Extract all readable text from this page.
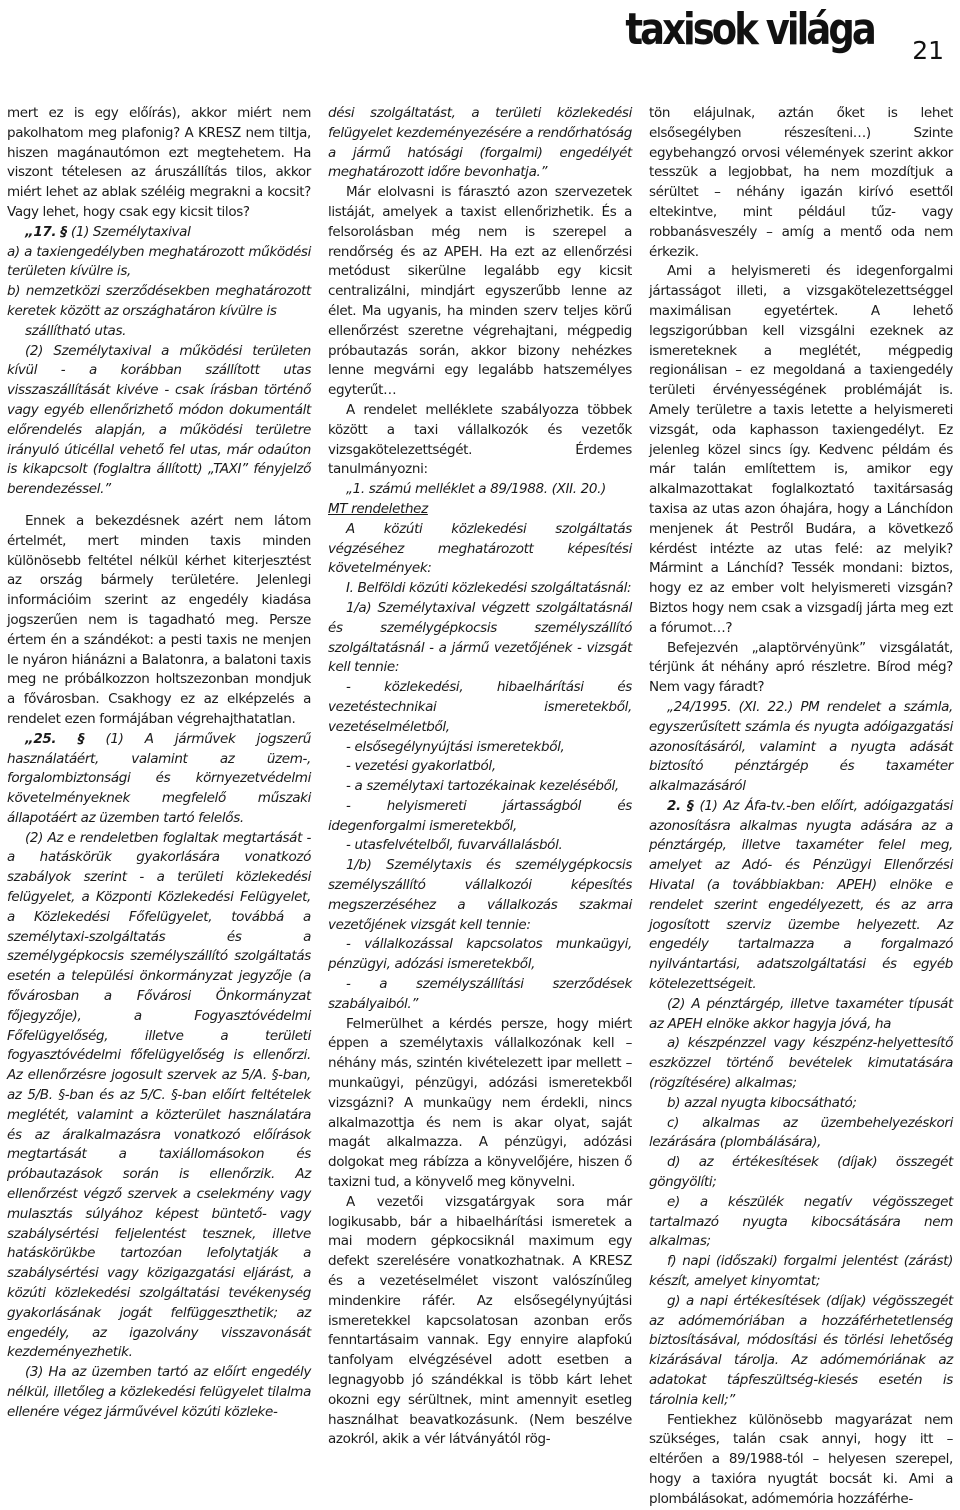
taxisok világa 21

mert ez is egy előírás), akkor miért nem pakolhatom meg plafonig? A KRESZ nem tiltja, hiszen magánautómon ezt megtehetem. Ha viszont tételesen az áruszállítás tilos, akkor miért lehet az ablak széléig megrakni a kocsit? Vagy lehet, hogy csak egy kicsit tilos?

„17. § (1) Személytaxival

a) a taxiengedélyben meghatározott működési területen kívülre is,

b) nemzetközi szerződésekben meghatározott keretek között az országhatáron kívülre is

szállítható utas.

(2) Személytaxival a működési területen kívül - a korábban szállított utas visszaszállítását kivéve - csak írásban történő vagy egyéb ellenőrizhető módon dokumentált előrendelés alapján, a működési területre irányuló úticéllal vehető fel utas, már odaúton is kikapcsolt (foglaltra állított) „TAXI” fényjelző berendezéssel.”

Ennek a bekezdésnek azért nem látom értelmét, mert minden taxis minden különösebb feltétel nélkül kérhet kiterjesztést az ország bármely területére. Jelenlegi információim szerint az engedély kiadása jogszerűen nem is tagadható meg. Persze értem én a szándékot: a pesti taxis ne menjen le nyáron hiánázni a Balatonra, a balatoni taxis meg ne próbálkozzon holtszezonban mondjuk a fővárosban. Csakhogy ez az elképzelés a rendelet ezen formájában végrehajthatatlan.

„25. § (1) A járművek jogszerű használatáért, valamint az üzem-, forgalombiztonsági és környezetvédelmi követelményeknek megfelelő műszaki állapotáért az üzemben tartó felelős.

(2) Az e rendeletben foglaltak megtartását - a hatáskörük gyakorlására vonatkozó szabályok szerint - a területi közlekedési felügyelet, a Központi Közlekedési Felügyelet, a Közlekedési Főfelügyelet, továbbá a személytaxi-szolgáltatás és a személygépkocsis személyszállító szolgáltatás esetén a települési önkormányzat jegyzője (a fővárosban a Fővárosi Önkormányzat főjegyzője), a Fogyasztóvédelmi Főfelügyelőség, illetve a területi fogyasztóvédelmi főfelügyelőség is ellenőrzi. Az ellenőrzésre jogosult szervek az 5/A. §-ban, az 5/B. §-ban és az 5/C. §-ban előírt feltételek meglétét, valamint a közterület használatára és az áralkalmazásra vonatkozó előírások megtartását a taxiállomásokon és próbautazások során is ellenőrzik. Az ellenőrzést végző szervek a cselekmény vagy mulasztás súlyához képest büntető- vagy szabálysértési feljelentést tesznek, illetve hatáskörükbe tartozóan lefolytatják a szabálysértési vagy közigazgatási eljárást, a közúti közlekedési szolgáltatási tevékenység gyakorlásának jogát felfüggeszthetik; az engedély, az igazolvány visszavonását kezdeményezhetik.

(3) Ha az üzemben tartó az előírt engedély nélkül, illetőleg a közlekedési felügyelet tilalma ellenére végez járművével közúti közleke-

dési szolgáltatást, a területi közlekedési felügyelet kezdeményezésére a rendőrhatóság a jármű hatósági (forgalmi) engedélyét meghatározott időre bevonhatja.”

Már elolvasni is fárasztó azon szervezetek listáját, amelyek a taxist ellenőrizhetik. És a felsorolásban még nem is szerepel a rendőrség és az APEH. Ha ezt az ellenőrzési metódust sikerülne legalább egy kicsit centralizálni, mindjárt egyszerűbb lenne az élet. Ma ugyanis, ha minden szerv teljes körű ellenőrzést szeretne végrehajtani, mégpedig próbautazás során, akkor bizony nehézkes lenne megvárni egy legalább hatszemélyes egyterűt…

A rendelet melléklete szabályozza többek között a taxi vállalkozók és vezetők vizsgakötelezettségét. Érdemes tanulmányozni:

„1. számú melléklet a 89/1988. (XII. 20.)

MT rendelethez

A közúti közlekedési szolgáltatás végzéséhez meghatározott képesítési követelmények:

I. Belföldi közúti közlekedési szolgáltatásnál:

1/a) Személytaxival végzett szolgáltatásnál és személygépkocsis személyszállító szolgáltatásnál - a jármű vezetőjének - vizsgát kell tennie:

- közlekedési, hibaelhárítási és vezetéstechnikai ismeretekből, vezetéselméletből,

- elsősegélynyújtási ismeretekből,

- vezetési gyakorlatból,

- a személytaxi tartozékainak kezeléséből,

- helyismereti jártasságból és idegenforgalmi ismeretekből,

- utasfelvételből, fuvarvállalásból.

1/b) Személytaxis és személygépkocsis személyszállító vállalkozói képesítés megszerzéséhez a vállalkozás szakmai vezetőjének vizsgát kell tennie:

- vállalkozással kapcsolatos munkaügyi, pénzügyi, adózási ismeretekből,

- a személyszállítási szerződések szabályaiból.”

Felmerülhet a kérdés persze, hogy miért éppen a személytaxis vállalkozónak kell – néhány más, szintén kivételezett ipar mellett – munkaügyi, pénzügyi, adózási ismeretekből vizsgázni? A munkaügy nem érdekli, nincs alkalmazottja és nem is akar olyat, saját magát alkalmazza. A pénzügyi, adózási dolgokat meg rábízza a könyvelőjére, hiszen ő taxizni tud, a könyvelő meg könyvelni.

A vezetői vizsgatárgyak sora már logikusabb, bár a hibaelhárítási ismeretek a mai modern gépkocsiknál maximum egy defekt szerelésére vonatkozhatnak. A KRESZ és a vezetéselmélet viszont valószínűleg mindenkire ráfér. Az elsősegélynyújtási ismeretekkel kapcsolatosan azonban erős fenntartásaim vannak. Egy ennyire alapfokú tanfolyam elvégzésével adott esetben a legnagyobb jó szándékkal is több kárt lehet okozni egy sérültnek, mint amennyit esetleg használhat beavatkozásunk. (Nem beszélve azokról, akik a vér látványától rög-

tön elájulnak, aztán őket is lehet elsősegélyben részesíteni…) Szinte egybehangzó orvosi vélemények szerint akkor tesszük a legjobbat, ha nem mozdítjuk a sérültet – néhány igazán kirívó esettől eltekintve, mint például tűz- vagy robbanásveszély – amíg a mentő oda nem érkezik.

Ami a helyismereti és idegenforgalmi jártasságot illeti, a vizsgakötelezettséggel maximálisan egyetértek. A lehető legszigorúbban kell vizsgálni ezeknek az ismereteknek a meglétét, mégpedig regionálisan – ez megoldaná a taxiengedély területi érvényességének problémáját is. Amely területre a taxis letette a helyismereti vizsgát, oda kaphasson taxiengedélyt. Ez jelenleg közel sincs így. Kedvenc példám és már talán említettem is, amikor egy alkalmazottakat foglalkoztató taxitársaság taxisa az utas azon óhajára, hogy a Lánchídon menjenek át Pestről Budára, a következő kérdést intézte az utas felé: az melyik? Mármint a Lánchíd? Tessék mondani: biztos, hogy ez az ember volt helyismereti vizsgán? Biztos hogy nem csak a vizsgadíj járta meg ezt a fórumot…?

Befejezvén „alaptörvényünk” vizsgálatát, térjünk át néhány apró részletre. Bírod még? Nem vagy fáradt?

„24/1995. (XI. 22.) PM rendelet a számla, egyszerűsített számla és nyugta adóigazgatási azonosításáról, valamint a nyugta adását biztosító pénztárgép és taxaméter alkalmazásáról

2. § (1) Az Áfa-tv.-ben előírt, adóigazgatási azonosításra alkalmas nyugta adására az a pénztárgép, illetve taxaméter felel meg, amelyet az Adó- és Pénzügyi Ellenőrzési Hivatal (a továbbiakban: APEH) elnöke e rendelet szerint engedélyezett, és az arra jogosított szerviz üzembe helyezett. Az engedély tartalmazza a forgalmazó nyilvántartási, adatszolgáltatási és egyéb kötelezettségeit.

(2) A pénztárgép, illetve taxaméter típusát az APEH elnöke akkor hagyja jóvá, ha

a) készpénzzel vagy készpénz-helyettesítő eszközzel történő bevételek kimutatására (rögzítésére) alkalmas;

b) azzal nyugta kibocsátható;

c) alkalmas az üzembehelyezéskori lezárására (plombálására),

d) az értékesítések (díjak) összegét göngyölíti;

e) a készülék negatív végösszeget tartalmazó nyugta kibocsátására nem alkalmas;

f) napi (időszaki) forgalmi jelentést (zárást) készít, amelyet kinyomtat;

g) a napi értékesítések (díjak) végösszegét az adómemóriában a hozzáférhetetlenség biztosításával, módosítási és törlési lehetőség kizárásával tárolja. Az adómemóriának az adatokat tápfeszültség-kiesés esetén is tárolnia kell;”

Fentiekhez különösebb magyarázat nem szükséges, talán csak annyi, hogy itt – eltérően a 89/1988-tól – helyesen szerepel, hogy a taxióra nyugtát bocsát ki. Ami a plombálásokat, adómemória hozzáférhe-
